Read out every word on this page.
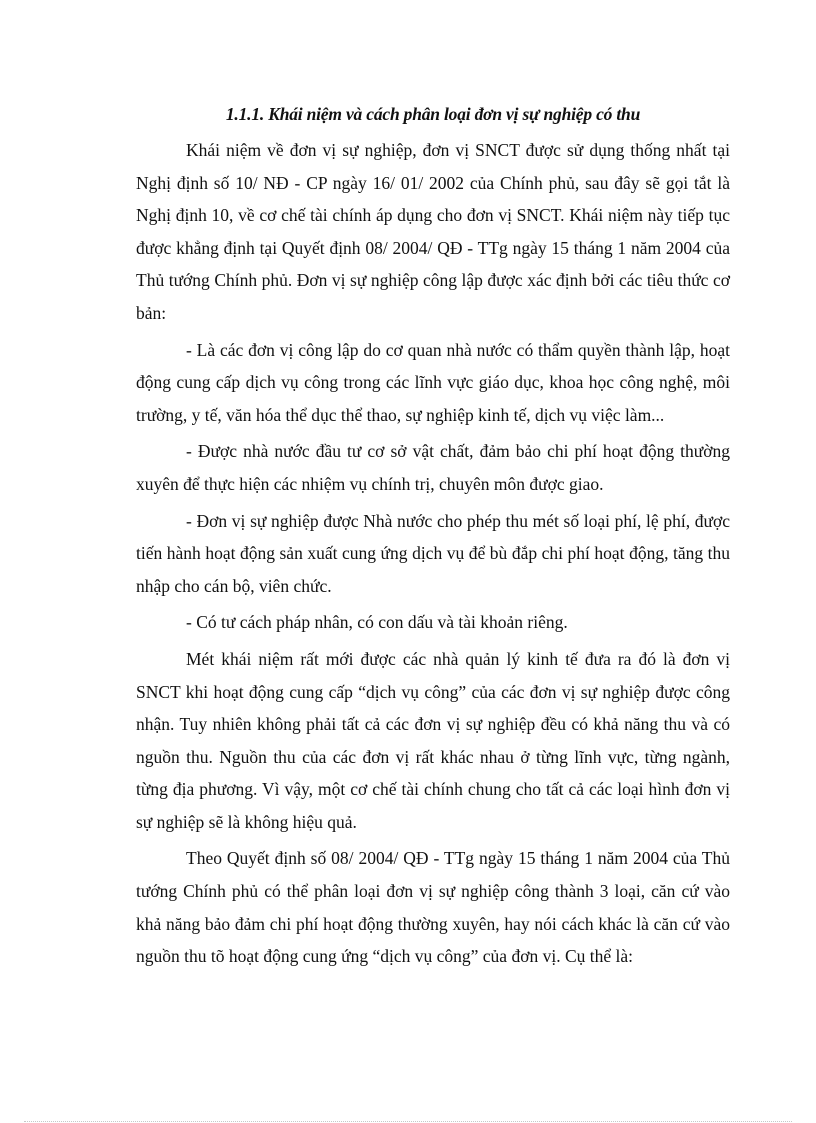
1.1.1. Khái niệm và cách phân loại đơn vị sự nghiệp có thu

Khái niệm về đơn vị sự nghiệp, đơn vị SNCT được sử dụng thống nhất tại Nghị định số 10/ NĐ - CP ngày 16/ 01/ 2002 của Chính phủ, sau đây sẽ gọi tắt là Nghị định 10, về cơ chế tài chính áp dụng cho đơn vị SNCT. Khái niệm này tiếp tục được khẳng định tại Quyết định 08/ 2004/ QĐ - TTg ngày 15 tháng 1 năm 2004 của Thủ tướng Chính phủ. Đơn vị sự nghiệp công lập được xác định bởi các tiêu thức cơ bản:

- Là các đơn vị công lập do cơ quan nhà nước có thẩm quyền thành lập, hoạt động cung cấp dịch vụ công trong các lĩnh vực giáo dục, khoa học công nghệ, môi trường, y tế, văn hóa thể dục thể thao, sự nghiệp kinh tế, dịch vụ việc làm...

- Được nhà nước đầu tư cơ sở vật chất, đảm bảo chi phí hoạt động thường xuyên để thực hiện các nhiệm vụ chính trị, chuyên môn được giao.

- Đơn vị sự nghiệp được Nhà nước cho phép thu mét số loại phí, lệ phí, được tiến hành hoạt động sản xuất cung ứng dịch vụ để bù đắp chi phí hoạt động, tăng thu nhập cho cán bộ, viên chức.

- Có tư cách pháp nhân, có con dấu và tài khoản riêng.

Mét khái niệm rất mới được các nhà quản lý kinh tế đưa ra đó là đơn vị SNCT khi hoạt động cung cấp “dịch vụ công” của các đơn vị sự nghiệp được công nhận. Tuy nhiên không phải tất cả các đơn vị sự nghiệp đều có khả năng thu và có nguồn thu. Nguồn thu của các đơn vị rất khác nhau ở từng lĩnh vực, từng ngành, từng địa phương. Vì vậy, một cơ chế tài chính chung cho tất cả các loại hình đơn vị sự nghiệp sẽ là không hiệu quả.

Theo Quyết định số 08/ 2004/ QĐ - TTg ngày 15 tháng 1 năm 2004 của Thủ tướng Chính phủ có thể phân loại đơn vị sự nghiệp công thành 3 loại, căn cứ vào khả năng bảo đảm chi phí hoạt động thường xuyên, hay nói cách khác là căn cứ vào nguồn thu tõ hoạt động cung ứng “dịch vụ công” của đơn vị. Cụ thể là:
